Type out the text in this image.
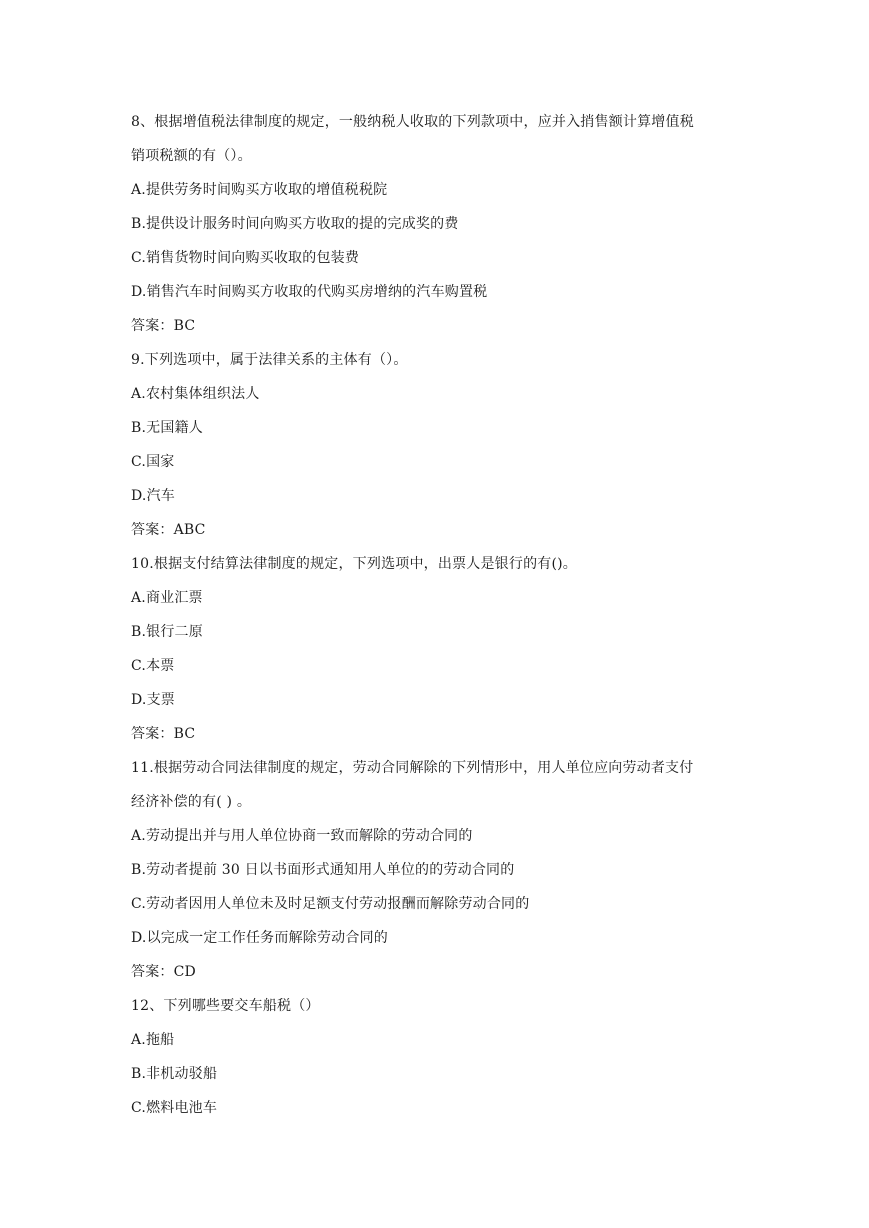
8、根据增值税法律制度的规定，一般纳税人收取的下列款项中，应并入捎售额计算增值税
销项税额的有（）。
A.提供劳务时间购买方收取的增值税税院
B.提供设计服务时间向购买方收取的提的完成奖的费
C.销售货物时间向购买收取的包装费
D.销售汽车时间购买方收取的代购买房增纳的汽车购置税
答案：BC
9.下列选项中，属于法律关系的主体有（）。
A.农村集体组织法人
B.无国籍人
C.国家
D.汽车
答案：ABC
10.根据支付结算法律制度的规定，下列选项中，出票人是银行的有()。
A.商业汇票
B.银行二原
C.本票
D.支票
答案：BC
11.根据劳动合同法律制度的规定，劳动合同解除的下列情形中，用人单位应向劳动者支付
经济补偿的有( ) 。
A.劳动提出并与用人单位协商一致而解除的劳动合同的
B.劳动者提前 30 日以书面形式通知用人单位的的劳动合同的
C.劳动者因用人单位未及时足额支付劳动报酬而解除劳动合同的
D.以完成一定工作任务而解除劳动合同的
答案：CD
12、下列哪些要交车船税（）
A.拖船
B.非机动驳船
C.燃料电池车
